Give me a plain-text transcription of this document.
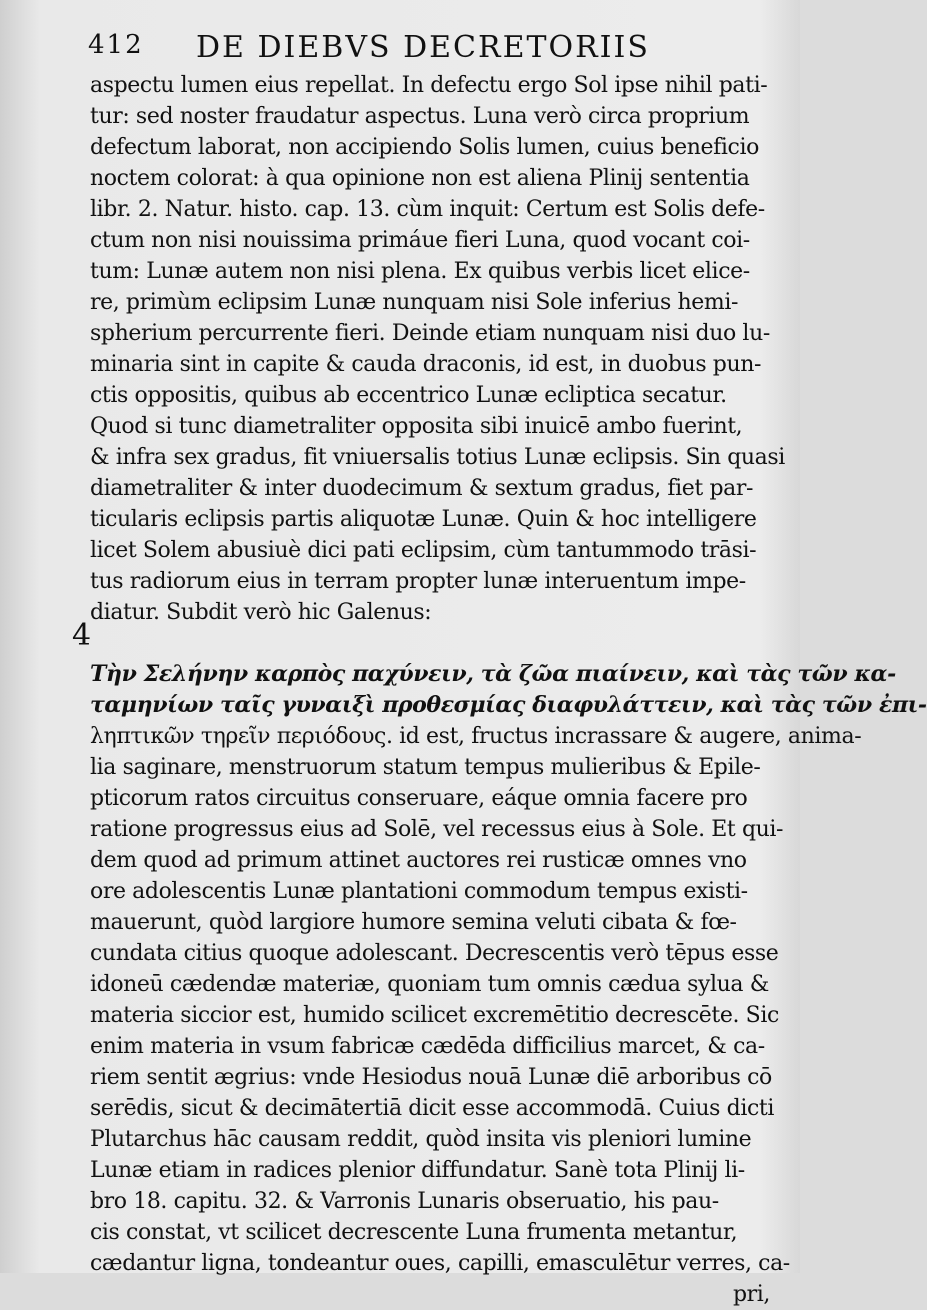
412 DE DIEBVS DECRETORIIS
4
aspectu lumen eius repellat. In defectu ergo Sol ipse nihil pati-
tur: sed noster fraudatur aspectus. Luna verò circa proprium
defectum laborat, non accipiendo Solis lumen, cuius beneficio
noctem colorat: à qua opinione non est aliena Plinij sententia
libr. 2. Natur. histo. cap. 13. cùm inquit: Certum est Solis defe-
ctum non nisi nouissima primáue fieri Luna, quod vocant coi-
tum: Lunæ autem non nisi plena. Ex quibus verbis licet elice-
re, primùm eclipsim Lunæ nunquam nisi Sole inferius hemi-
spherium percurrente fieri. Deinde etiam nunquam nisi duo lu-
minaria sint in capite & cauda draconis, id est, in duobus pun-
ctis oppositis, quibus ab eccentrico Lunæ ecliptica secatur.
Quod si tunc diametraliter opposita sibi inuicē ambo fuerint,
& infra sex gradus, fit vniuersalis totius Lunæ eclipsis. Sin quasi
diametraliter & inter duodecimum & sextum gradus, fiet par-
ticularis eclipsis partis aliquotæ Lunæ. Quin & hoc intelligere
licet Solem abusiuè dici pati eclipsim, cùm tantummodo trāsi-
tus radiorum eius in terram propter lunæ interuentum impe-
diatur. Subdit verò hic Galenus:
Τὴν Σελήνην καρπὸς παχύνειν, τὰ ζῶα πιαίνειν, καὶ τὰς τῶν κα-
ταμηνίων ταῖς γυναιξὶ προθεσμίας διαφυλάττειν, καὶ τὰς τῶν ἐπι-
ληπτικῶν τηρεῖν περιόδους. id est, fructus incrassare & augere, anima-
lia saginare, menstruorum statum tempus mulieribus & Epile-
pticorum ratos circuitus conseruare, eáque omnia facere pro
ratione progressus eius ad Solē, vel recessus eius à Sole. Et qui-
dem quod ad primum attinet auctores rei rusticæ omnes vno
ore adolescentis Lunæ plantationi commodum tempus existi-
mauerunt, quòd largiore humore semina veluti cibata & fœ-
cundata citius quoque adolescant. Decrescentis verò tēpus esse
idoneū cædendæ materiæ, quoniam tum omnis cædua sylua &
materia siccior est, humido scilicet excremētitio decrescēte. Sic
enim materia in vsum fabricæ cædēda difficilius marcet, & ca-
riem sentit ægrius: vnde Hesiodus nouā Lunæ diē arboribus cō
serēdis, sicut & decimātertiā dicit esse accommodā. Cuius dicti
Plutarchus hāc causam reddit, quòd insita vis pleniori lumine
Lunæ etiam in radices plenior diffundatur. Sanè tota Plinij li-
bro 18. capitu. 32. & Varronis Lunaris obseruatio, his pau-
cis constat, vt scilicet decrescente Luna frumenta metantur,
cædantur ligna, tondeantur oues, capilli, emasculētur verres, ca-
pri,
